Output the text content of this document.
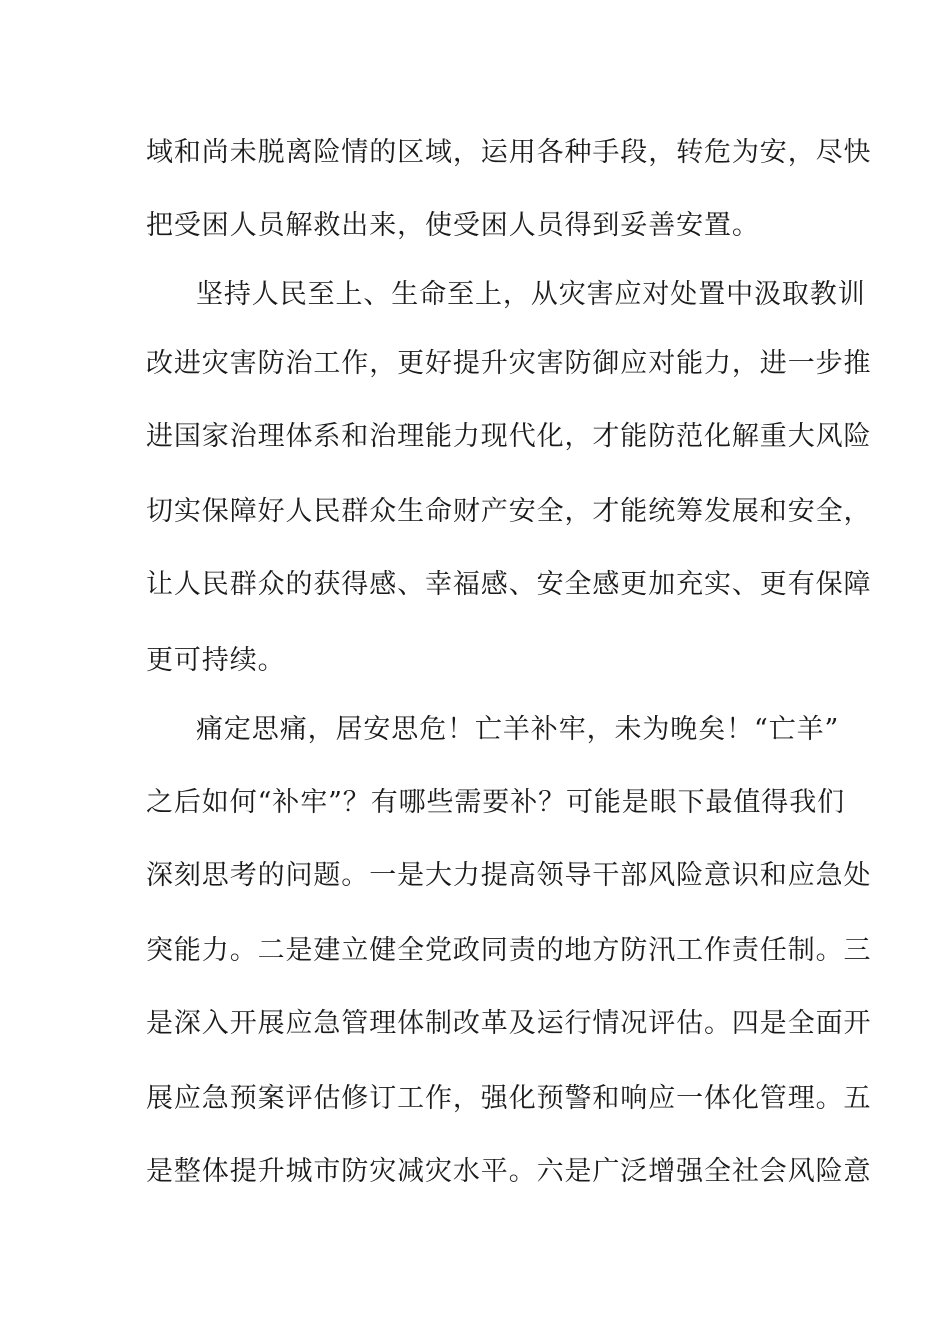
域和尚未脱离险情的区域，运用各种手段，转危为安，尽快
把受困人员解救出来，使受困人员得到妥善安置。
坚持人民至上、生命至上，从灾害应对处置中汲取教训
改进灾害防治工作，更好提升灾害防御应对能力，进一步推
进国家治理体系和治理能力现代化，才能防范化解重大风险
切实保障好人民群众生命财产安全，才能统筹发展和安全，
让人民群众的获得感、幸福感、安全感更加充实、更有保障
更可持续。
痛定思痛，居安思危！亡羊补牢，未为晚矣！“亡羊”
之后如何“补牢”？有哪些需要补？可能是眼下最值得我们
深刻思考的问题。一是大力提高领导干部风险意识和应急处
突能力。二是建立健全党政同责的地方防汛工作责任制。三
是深入开展应急管理体制改革及运行情况评估。四是全面开
展应急预案评估修订工作，强化预警和响应一体化管理。五
是整体提升城市防灾减灾水平。六是广泛增强全社会风险意
